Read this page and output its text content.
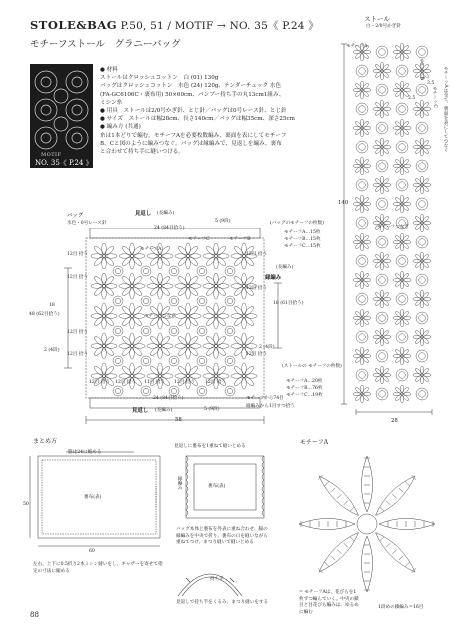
STOLE&BAG P.50, 51 / MOTIF → NO. 35《 P.24 》
モチーフストール　グラニーバッグ
MOTIF
NO. 35《 P.24 》

● 材料

ストールはクロッシュコットン　白 (01) 130g

バッグはクロッシュコットン　水色 (24) 120g、テンダーチェック 水色

(FA-GC6106C・裏布用) 50×60cm、バンブー持ち手の丸13cm1組み、

ミシン糸

● 用具　ストールは2/0号かぎ針、とじ針／バッグは0号レース針、とじ針

● サイズ　ストールは幅28cm、長さ140cm／バッグは幅35cm、深さ25cm

● 編み方 (共通)

糸は1本どりで編む。モチーフAを必要枚数編み、裏面を表にしてモチーフ

B、Cと図のように編みつなぐ。バッグは縁編みで、見返しを編み、裏布

と合わせて持ち手に縫いつける。

ストール
白・2/0号かぎ針
モチーフA
モチーフB
モチーフC モチーフAは全て、裏面を表にしてつなぐ
モチーフつなぎ
140
28
3.5
2.5
バッグ
水色・0号レース針
見返し (長編み)
24 (84目拾う)
5 (9段)
モチーフC	モチーフB
モチーフA
モチーフつなぎ
縁編み
(長編み)
12目 拾う
12目 拾う
12目 拾う
12目 拾う
12目 拾う 12目 拾う 11目 拾う 12目 拾う 12目 拾う
12目 拾う
13目 拾う
12目 拾う
18
48 (62目拾う)
18 (61目拾う)
2 (4段)
2 (4段)
58
見返し (長編み)
24 (84目拾う)
5 (9段)
モチーフから74目
縁編みから1目すつ拾う
(バッグのモチーフの枚数)
モチーフA…15枚
モチーフB…15枚
モチーフC…15枚
(ストールの モチーフの枚数)
モチーフA…20枚
モチーフB…76枚
モチーフC…19枚
まとめ方
脇は24に縮める
裏布(表)
50
60
左右、上下に0.5折り2本ミシン縫いをし、ギャザーを寄せて指定の寸法に縮める
見返しに裏布を1重ねて縫いとめる
縁編み	裏布(表)
バッグ本体と裏布を外表に重ね合わせ、脇の縁編みを中央で折り、裏布の口を縫いながら重ねてつけ、まつり縫いで縫いとめる
持ち手
見返しで持ち手をくるみ、まつり縫いをする
モチーフA
= モチーフAは、花びらを1枚ずつ編んでいく。中央の鎖目と目花びら編みは、ゆるめに編む
1段めの鎖編み＝16目
88
